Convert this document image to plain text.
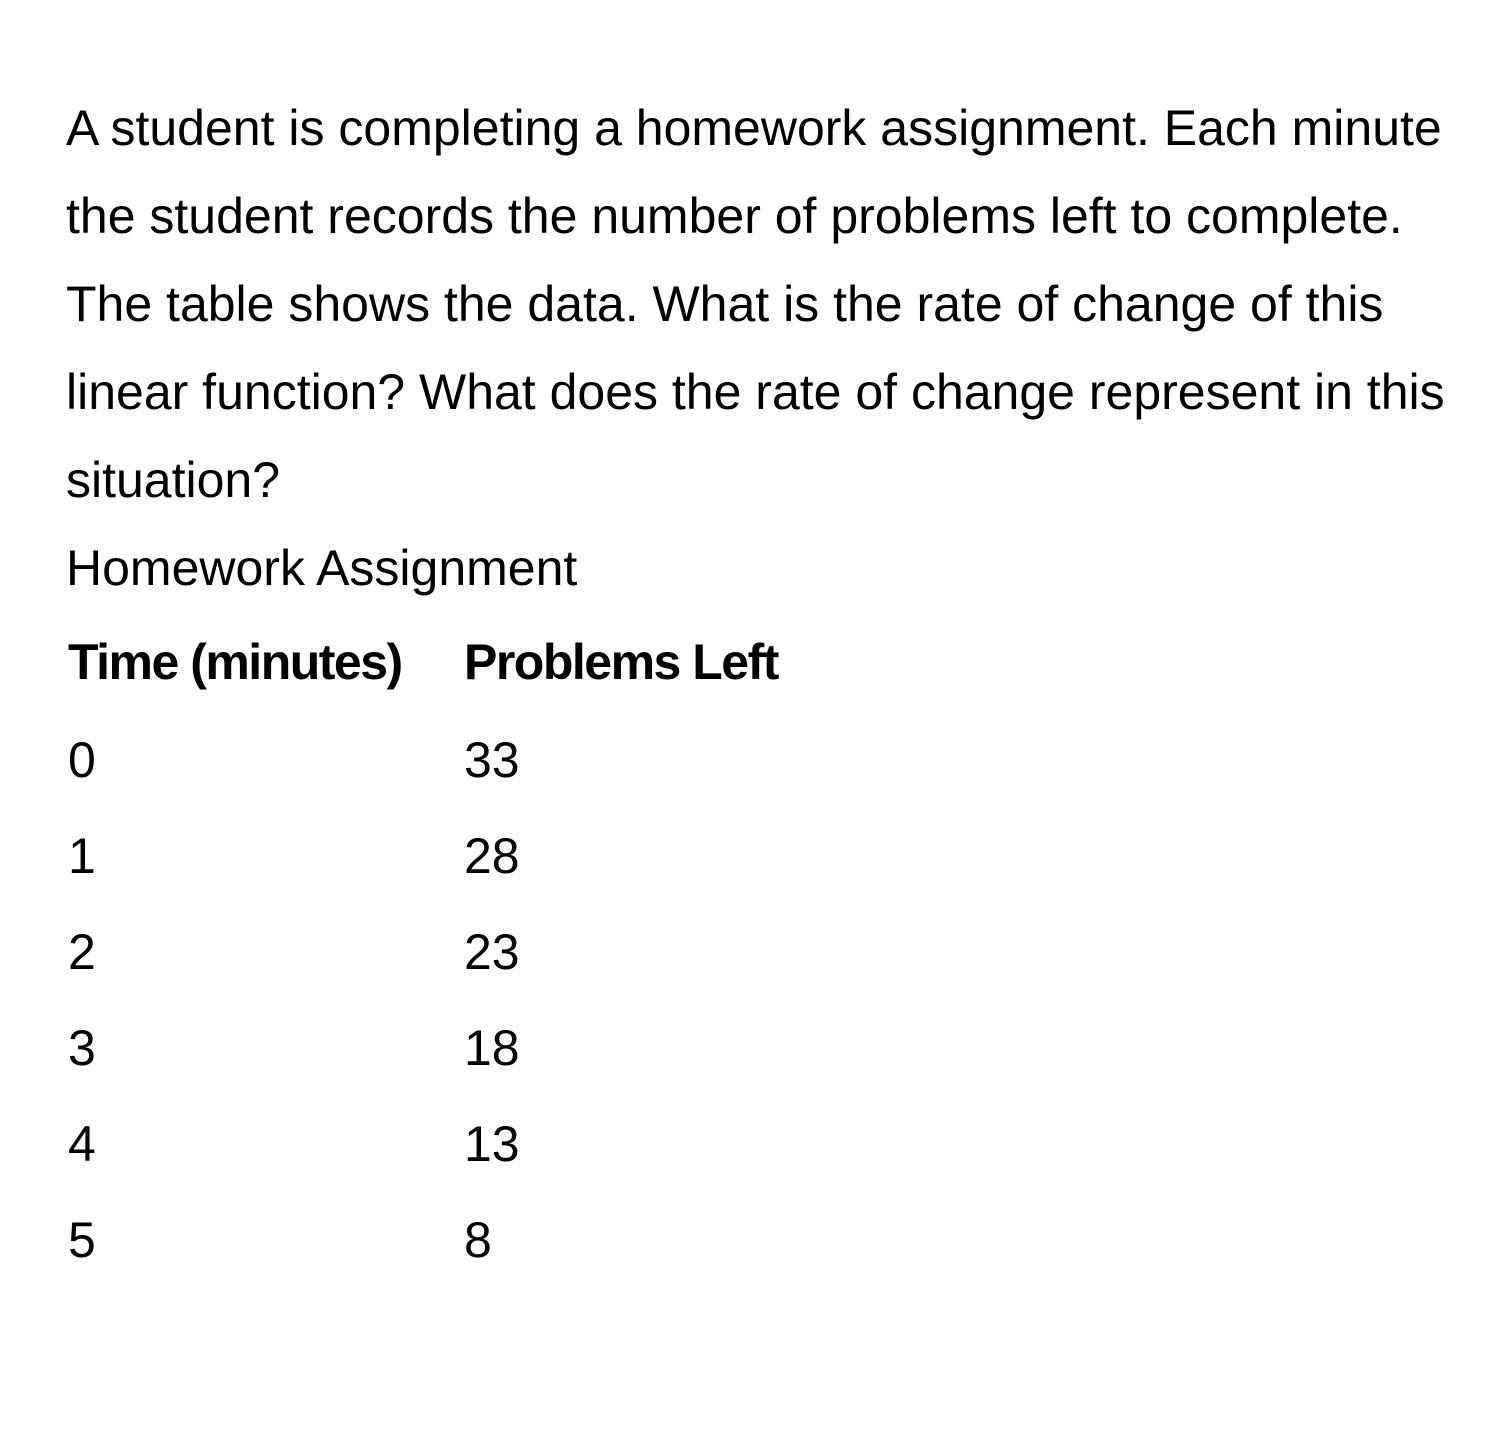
A student is completing a homework assignment. Each minute the student records the number of problems left to complete. The table shows the data. What is the rate of change of this linear function? What does the rate of change represent in this situation?

Homework Assignment

Time (minutes)	Problems Left
0	33
1	28
2	23
3	18
4	13
5	8
